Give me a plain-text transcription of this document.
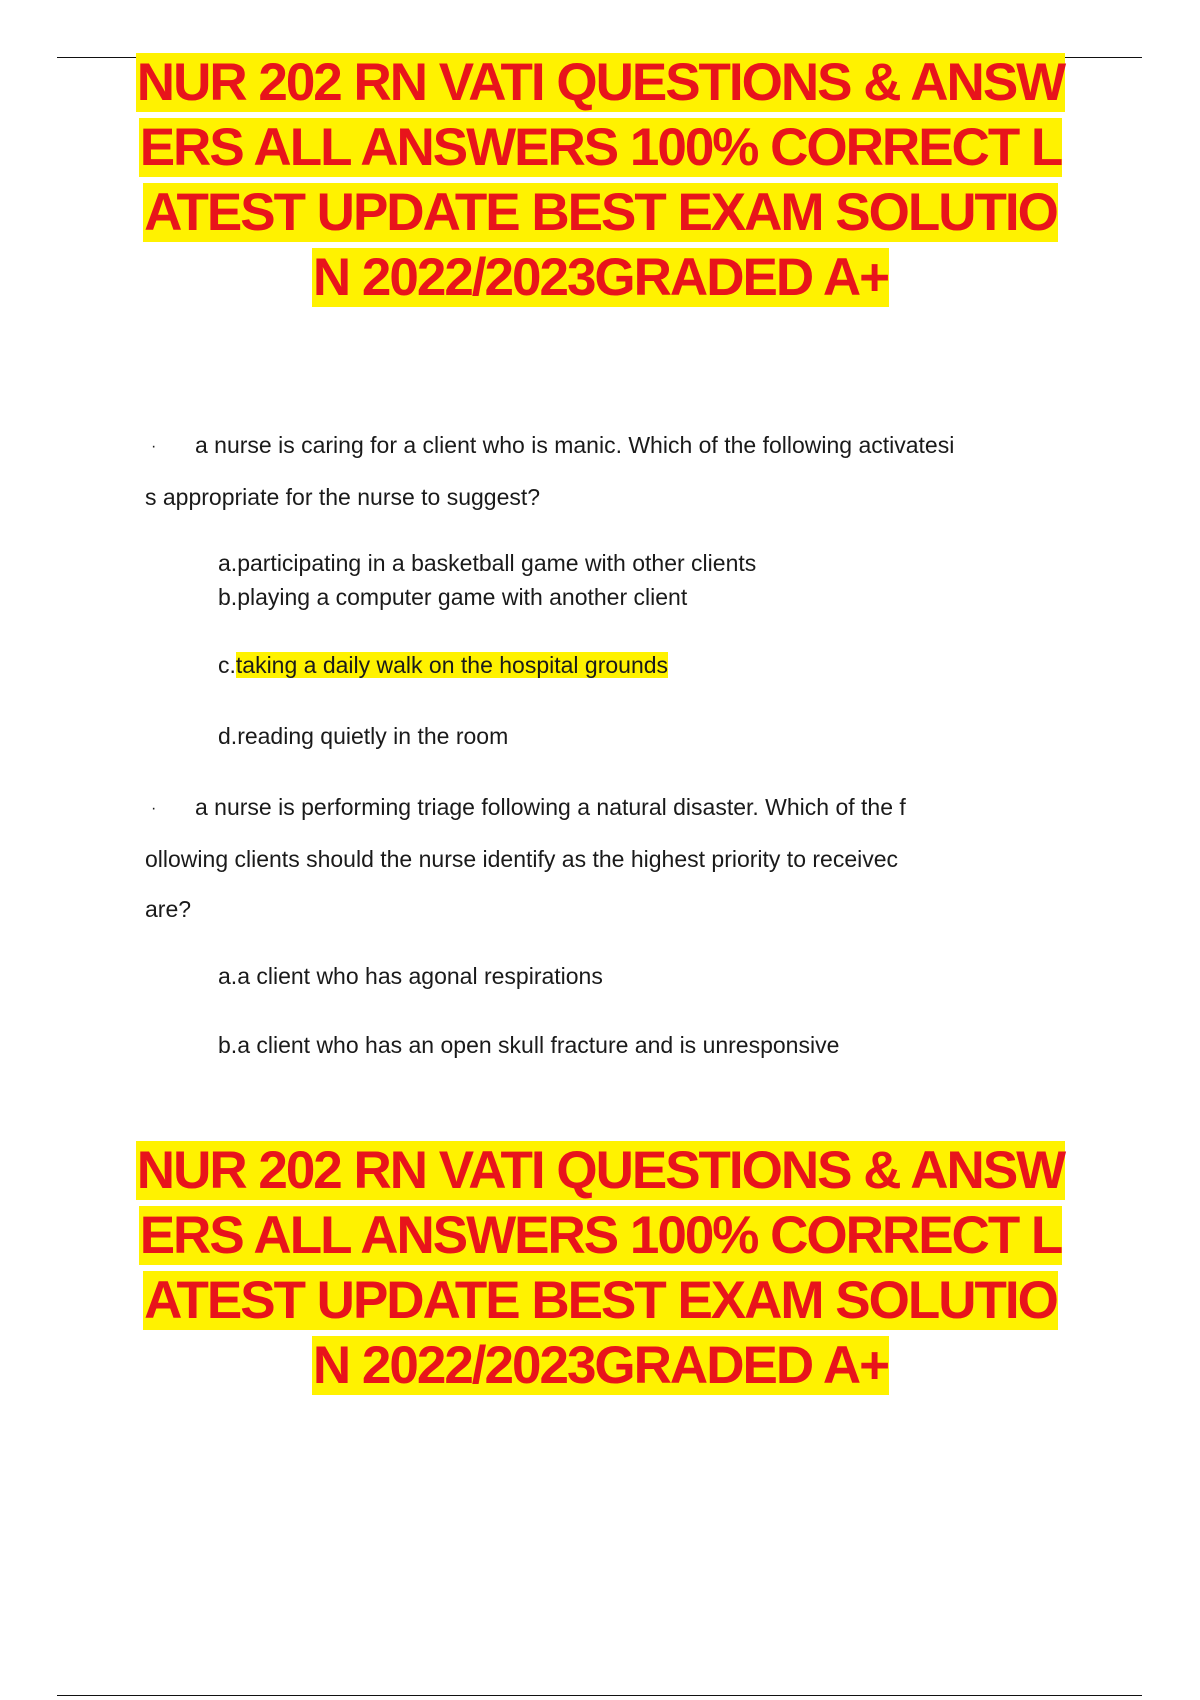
NUR 202 RN VATI QUESTIONS & ANSW
ERS ALL ANSWERS 100% CORRECT L
ATEST UPDATE BEST EXAM SOLUTIO
N 2022/2023GRADED A+
· a nurse is caring for a client who is manic. Which of the following activatesi
s appropriate for the nurse to suggest?
a.participating in a basketball game with other clients
b.playing a computer game with another client
c.taking a daily walk on the hospital grounds
d.reading quietly in the room
· a nurse is performing triage following a natural disaster. Which of the f
ollowing clients should the nurse identify as the highest priority to receivec
are?
a.a client who has agonal respirations
b.a client who has an open skull fracture and is unresponsive
NUR 202 RN VATI QUESTIONS & ANSW
ERS ALL ANSWERS 100% CORRECT L
ATEST UPDATE BEST EXAM SOLUTIO
N 2022/2023GRADED A+
